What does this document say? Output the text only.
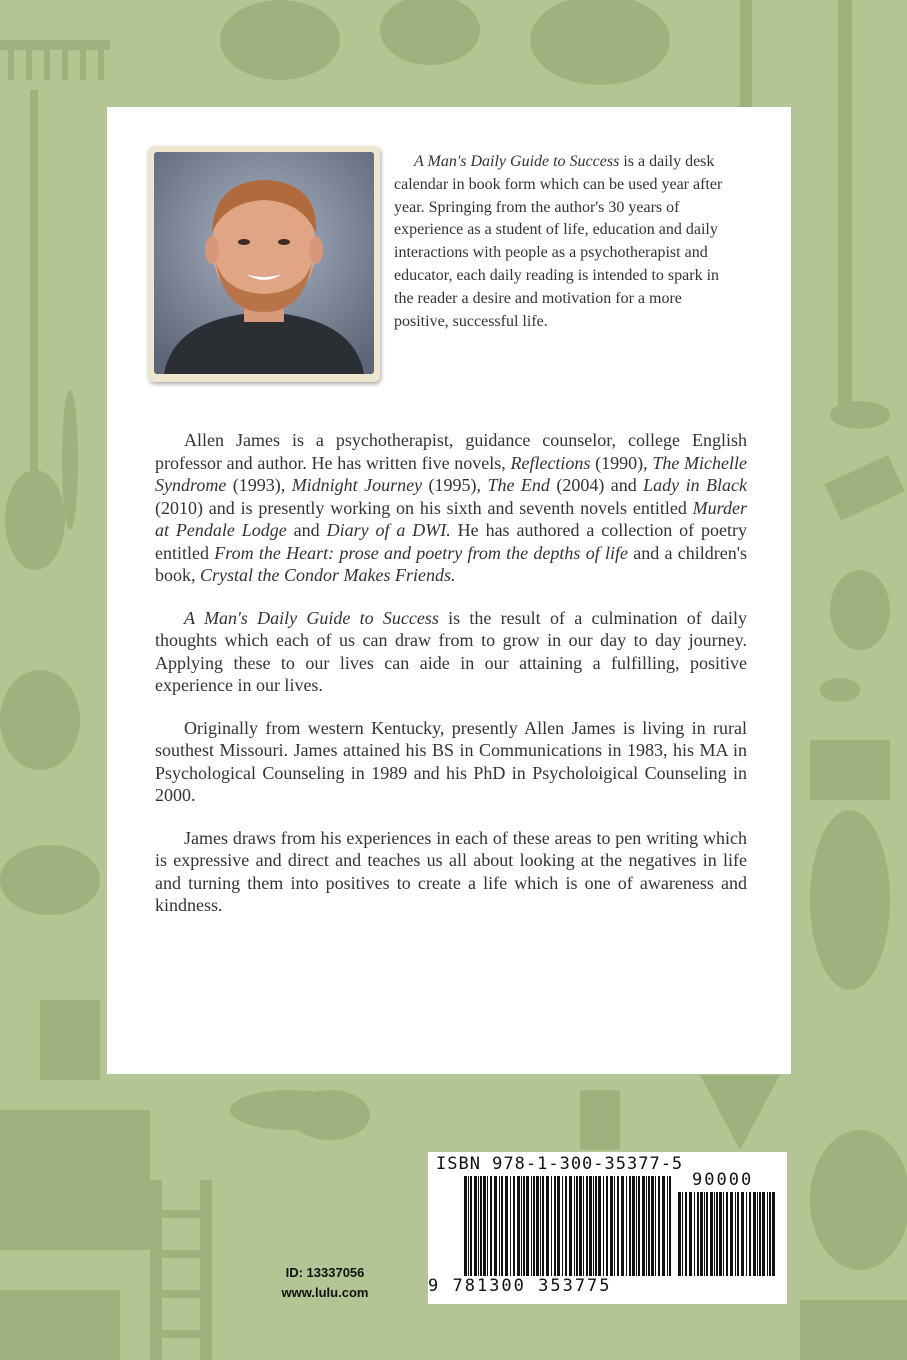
A Man's Daily Guide to Success is a daily desk calendar in book form which can be used year after year. Springing from the author's 30 years of experience as a student of life, education and daily interactions with people as a psychotherapist and educator, each daily reading is intended to spark in the reader a desire and motivation for a more positive, successful life.

Allen James is a psychotherapist, guidance counselor, college English professor and author. He has written five novels, Reflections (1990), The Michelle Syndrome (1993), Midnight Journey (1995), The End (2004) and Lady in Black (2010) and is presently working on his sixth and seventh novels entitled Murder at Pendale Lodge and Diary of a DWI. He has authored a collection of poetry entitled From the Heart: prose and poetry from the depths of life and a children's book, Crystal the Condor Makes Friends.

A Man's Daily Guide to Success is the result of a culmination of daily thoughts which each of us can draw from to grow in our day to day journey. Applying these to our lives can aide in our attaining a fulfilling, positive experience in our lives.

Originally from western Kentucky, presently Allen James is living in rural southest Missouri. James attained his BS in Communications in 1983, his MA in Psychological Counseling in 1989 and his PhD in Psycholoigical Counseling in 2000.

James draws from his experiences in each of these areas to pen writing which is expressive and direct and teaches us all about looking at the negatives in life and turning them into positives to create a life which is one of awareness and kindness.

ID: 13337056
www.lulu.com
ISBN 978-1-300-35377-5
90000
9 781300 353775
